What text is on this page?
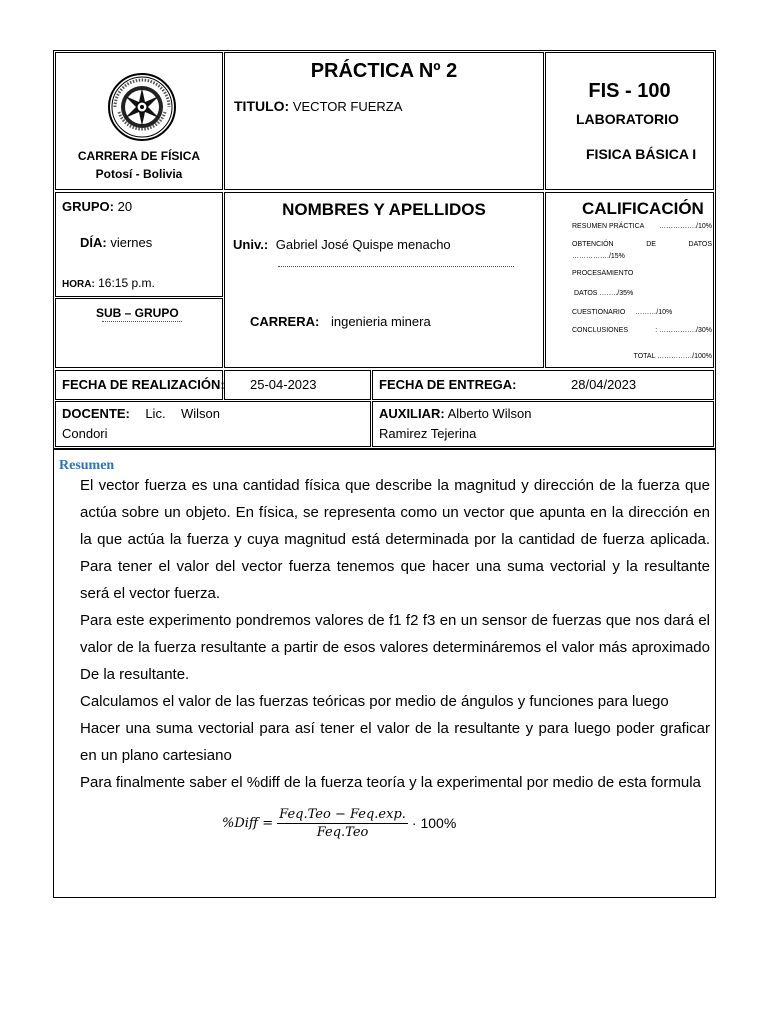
CARRERA DE FÍSICA
Potosí - Bolivia
PRÁCTICA Nº 2
TITULO: VECTOR FUERZA
FIS - 100
LABORATORIO
FISICA BÁSICA I
GRUPO: 20
DÍA: viernes
HORA: 16:15 p.m.
SUB – GRUPO
NOMBRES Y APELLIDOS
Univ.: Gabriel José Quispe menacho
CARRERA: ingenieria minera
CALIFICACIÓN
RESUMEN PRÁCTICA ……………./10%
OBTENCIÓN	DE	DATOS
……………./15%
PROCESAMIENTO
DATOS ……../35%
CUESTIONARIO ………/10%
CONCLUSIONES	: ……………./30%
TOTAL ……………/100%
FECHA DE REALIZACIÓN: 25-04-2023	FECHA DE ENTREGA:	28/04/2023
DOCENTE: Lic. Wilson
Condori
AUXILIAR: Alberto Wilson
Ramirez Tejerina
Resumen
El vector fuerza es una cantidad física que describe la magnitud y dirección de la fuerza que actúa sobre un objeto. En física, se representa como un vector que apunta en la dirección en la que actúa la fuerza y cuya magnitud está determinada por la cantidad de fuerza aplicada.
Para tener el valor del vector fuerza tenemos que hacer una suma vectorial y la resultante será el vector fuerza.
Para este experimento pondremos valores de f1 f2 f3 en un sensor de fuerzas que nos dará el valor de la fuerza resultante a partir de esos valores determináremos el valor más aproximado De la resultante.
Calculamos el valor de las fuerzas teóricas por medio de ángulos y funciones para luego
Hacer una suma vectorial para así tener el valor de la resultante y para luego poder graficar en un plano cartesiano
Para finalmente saber el %diff de la fuerza teoría y la experimental por medio de esta formula
%Diff =
Feq.Teo − Feq.exp.
Feq.Teo
· 100%
